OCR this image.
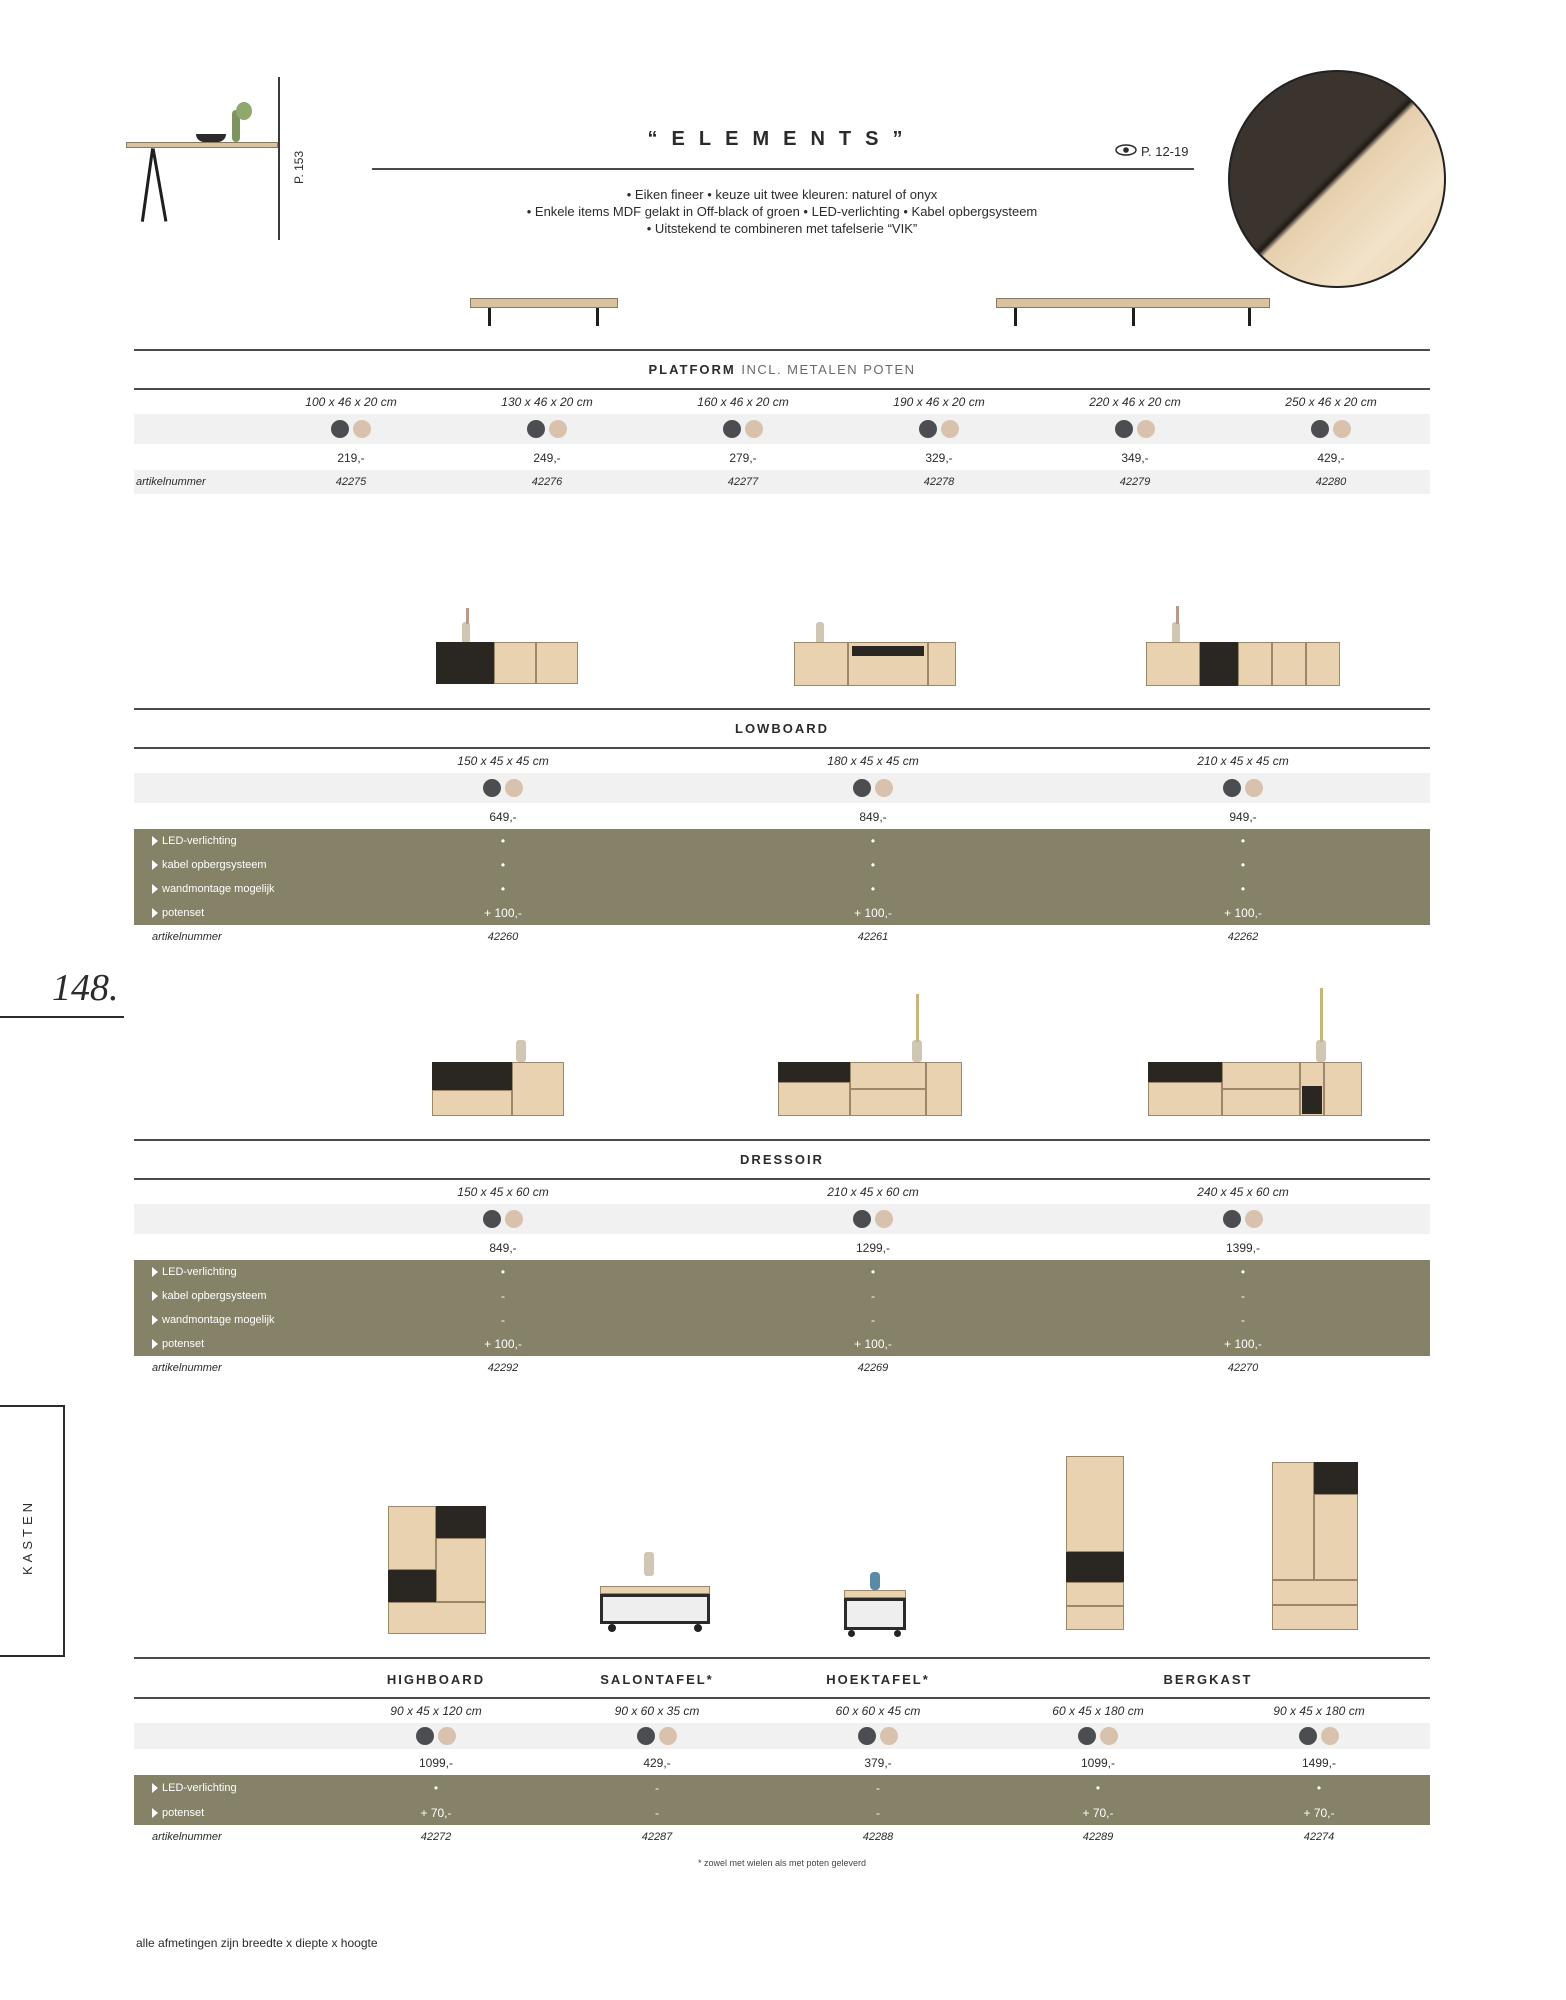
P. 153
“ELEMENTS”
P. 12-19
• Eiken fineer • keuze uit twee kleuren: naturel of onyx
• Enkele items MDF gelakt in Off-black of groen • LED-verlichting • Kabel opbergsysteem
• Uitstekend te combineren met tafelserie “VIK”
PLATFORM INCL. METALEN POTEN
100 x 46 x 20 cm	130 x 46 x 20 cm	160 x 46 x 20 cm	190 x 46 x 20 cm	220 x 46 x 20 cm	250 x 46 x 20 cm
219,-	249,-	279,-	329,-	349,-	429,-
artikelnummer	42275	42276	42277	42278	42279	42280
LOWBOARD
150 x 45 x 45 cm	180 x 45 x 45 cm	210 x 45 x 45 cm
649,-	849,-	949,-
LED-verlichting	•	•	•
kabel opbergsysteem	•	•	•
wandmontage mogelijk	•	•	•
potenset	+ 100,-	+ 100,-	+ 100,-
artikelnummer	42260	42261	42262
148.
DRESSOIR
150 x 45 x 60 cm	210 x 45 x 60 cm	240 x 45 x 60 cm
849,-	1299,-	1399,-
LED-verlichting	•	•	•
kabel opbergsysteem	-	-	-
wandmontage mogelijk	-	-	-
potenset	+ 100,-	+ 100,-	+ 100,-
artikelnummer	42292	42269	42270
KASTEN
HIGHBOARD	SALONTAFEL*	HOEKTAFEL*	BERGKAST
90 x 45 x 120 cm	90 x 60 x 35 cm	60 x 60 x 45 cm	60 x 45 x 180 cm	90 x 45 x 180 cm
1099,-	429,-	379,-	1099,-	1499,-
LED-verlichting	•	-	-	•	•
potenset	+ 70,-	-	-	+ 70,-	+ 70,-
artikelnummer	42272	42287	42288	42289	42274
* zowel met wielen als met poten geleverd
alle afmetingen zijn breedte x diepte x hoogte
